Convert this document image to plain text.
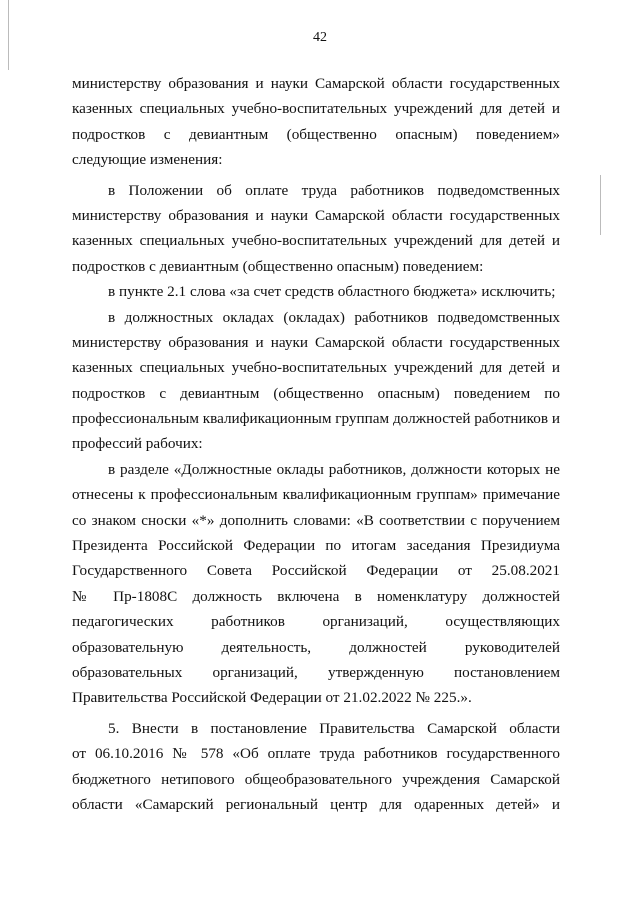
42
министерству образования и науки Самарской области государственных
казенных специальных учебно-воспитательных учреждений для детей и
подростков с девиантным (общественно опасным) поведением»
следующие изменения:
в Положении об оплате труда работников подведомственных
министерству образования и науки Самарской области государственных
казенных специальных учебно-воспитательных учреждений для детей и
подростков с девиантным (общественно опасным) поведением:
в пункте 2.1 слова «за счет средств областного бюджета» исключить;
в должностных окладах (окладах) работников подведомственных
министерству образования и науки Самарской области государственных
казенных специальных учебно-воспитательных учреждений для детей и
подростков с девиантным (общественно опасным) поведением по
профессиональным квалификационным группам должностей работников и
профессий рабочих:
в разделе «Должностные оклады работников, должности которых не
отнесены к профессиональным квалификационным группам» примечание
со знаком сноски «*» дополнить словами: «В соответствии с поручением
Президента Российской Федерации по итогам заседания Президиума
Государственного Совета Российской Федерации от 25.08.2021
№ Пр-1808С должность включена в номенклатуру должностей
педагогических работников организаций, осуществляющих
образовательную деятельность, должностей руководителей
образовательных организаций, утвержденную постановлением
Правительства Российской Федерации от 21.02.2022 № 225.».
5. Внести в постановление Правительства Самарской области
от 06.10.2016 № 578 «Об оплате труда работников государственного
бюджетного нетипового общеобразовательного учреждения Самарской
области «Самарский региональный центр для одаренных детей» и
